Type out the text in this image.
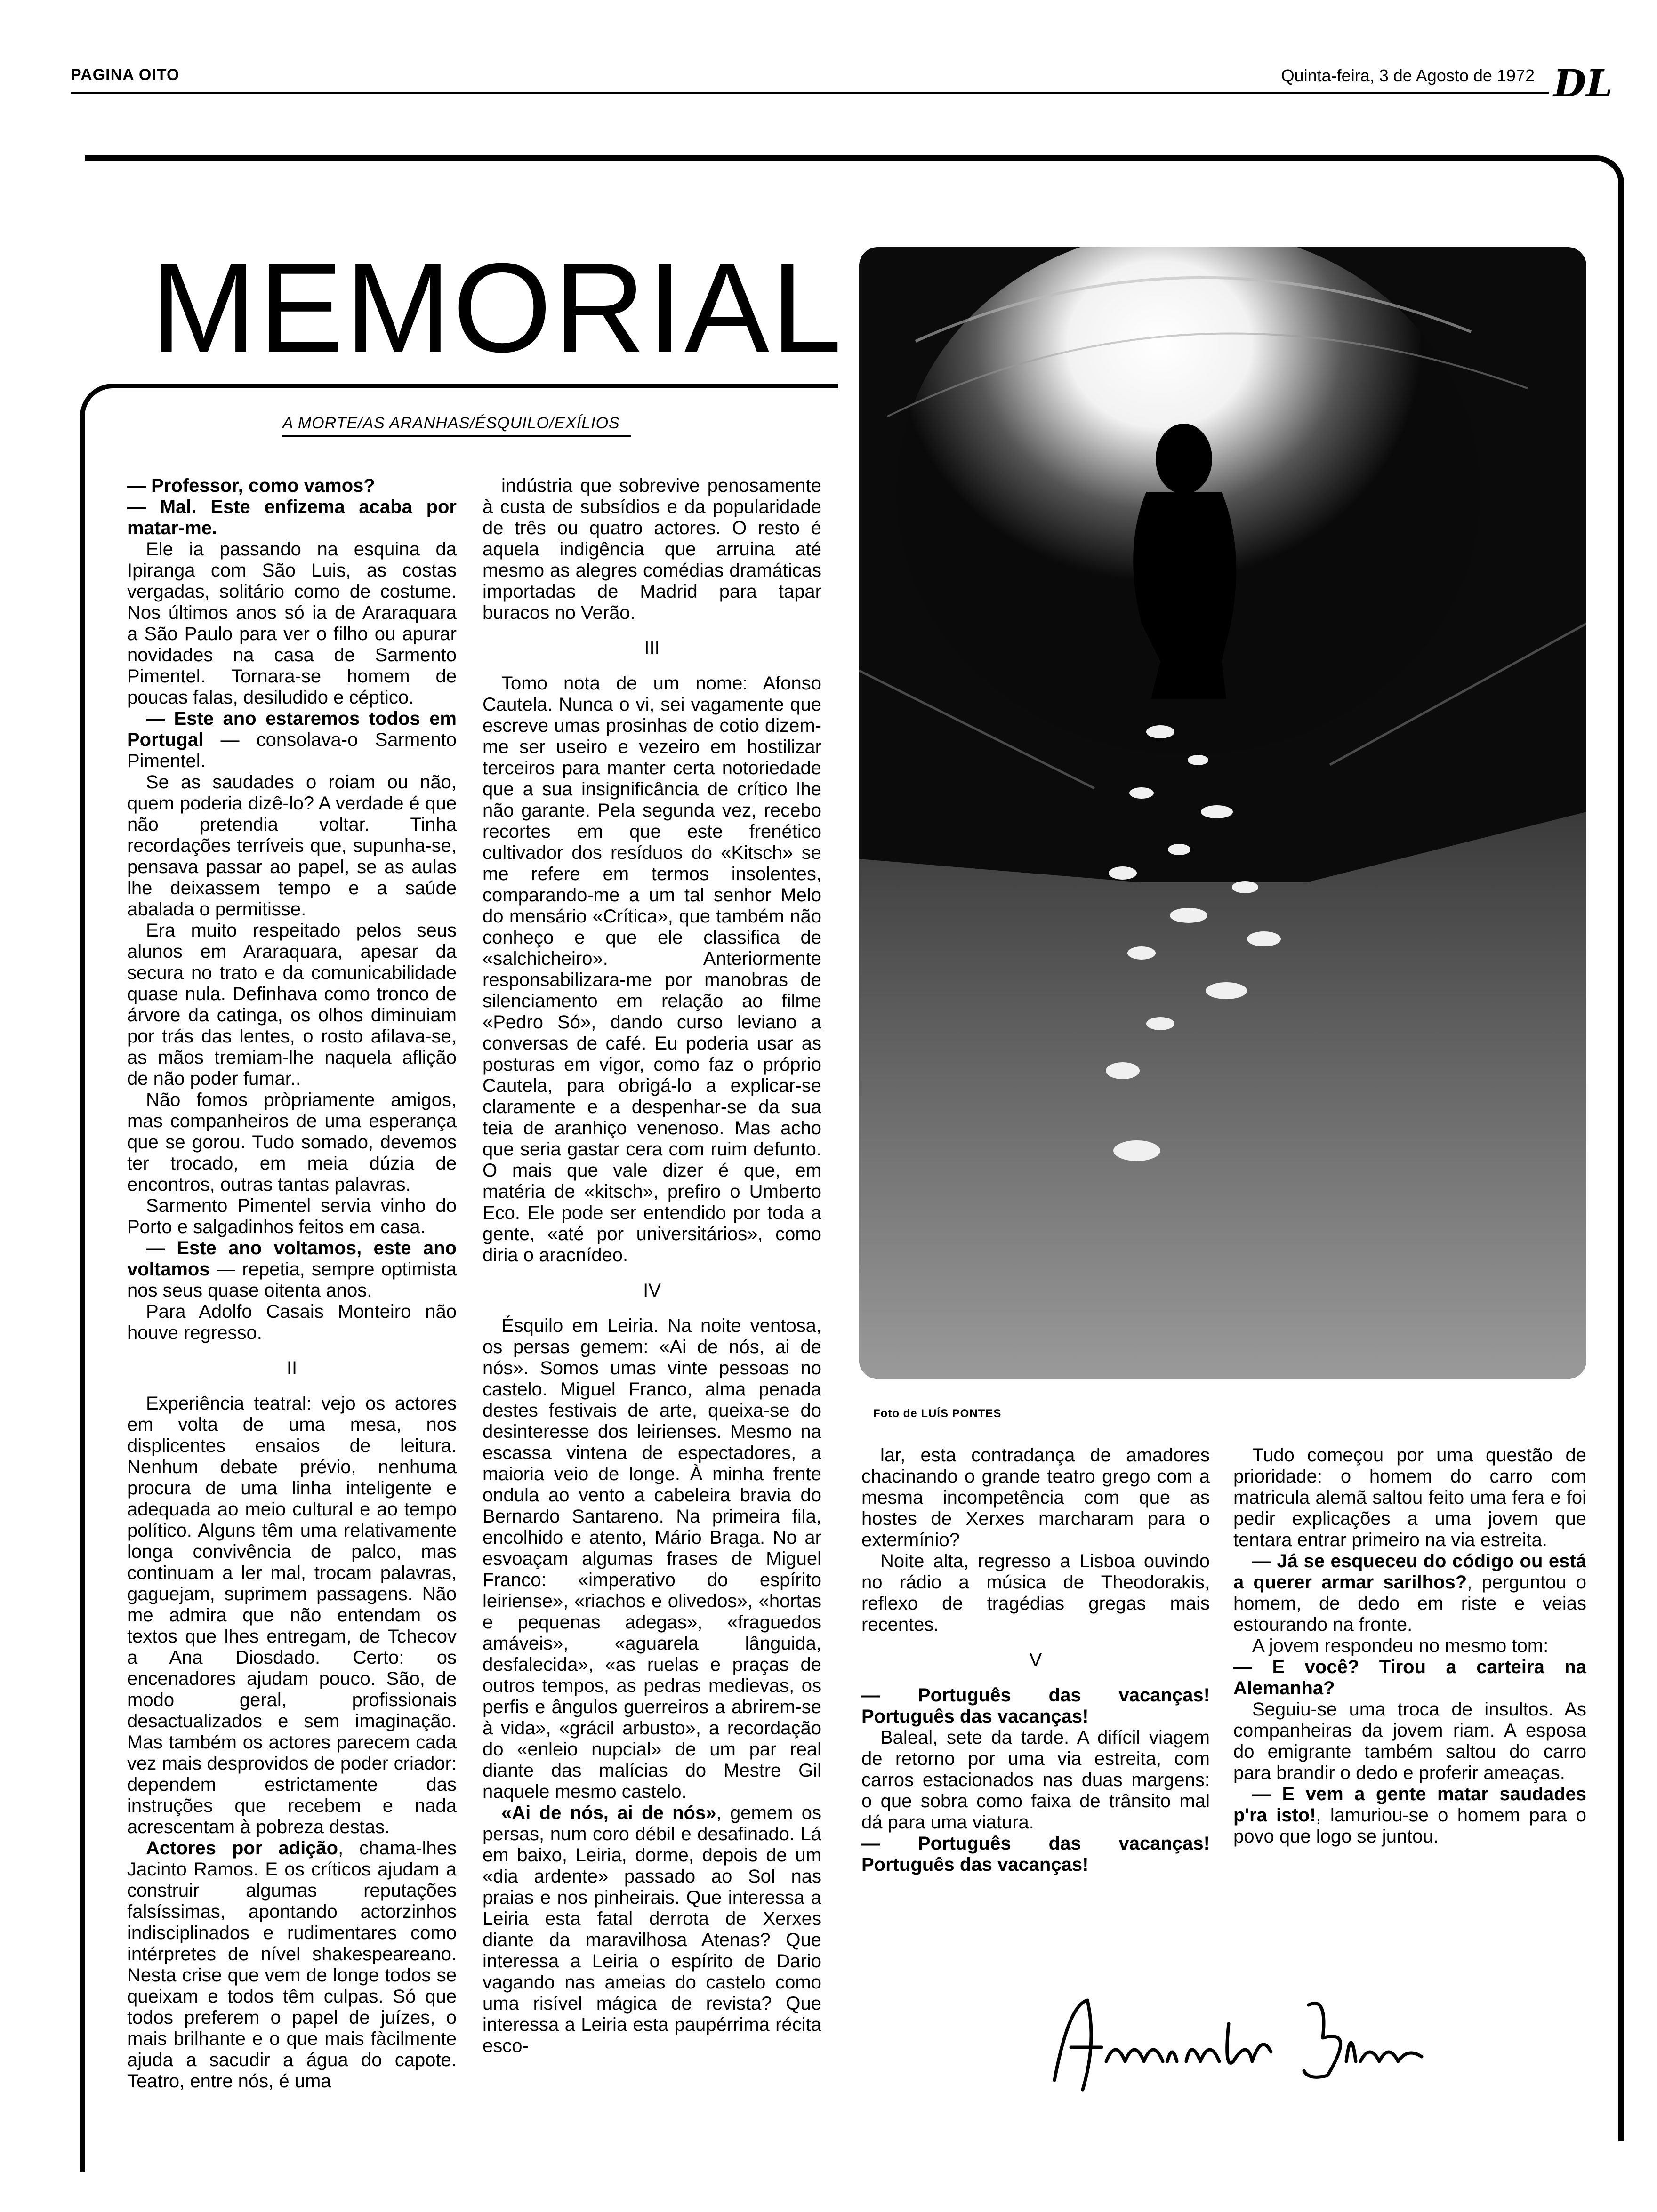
PAGINA OITO	Quinta-feira, 3 de Agosto de 1972 DL
MEMORIAL
A MORTE/AS ARANHAS/ÉSQUILO/EXÍLIOS

— Professor, como vamos?

— Mal. Este enfizema acaba por matar-me.

Ele ia passando na esquina da Ipiranga com São Luis, as costas vergadas, solitário como de costume. Nos últimos anos só ia de Araraquara a São Paulo para ver o filho ou apurar novidades na casa de Sarmento Pimentel. Tornara-se homem de poucas falas, desiludido e céptico.

— Este ano estaremos todos em Portugal — consolava-o Sarmento Pimentel.

Se as saudades o roiam ou não, quem poderia dizê-lo? A verdade é que não pretendia voltar. Tinha recordações terríveis que, supunha-se, pensava passar ao papel, se as aulas lhe deixassem tempo e a saúde abalada o permitisse.

Era muito respeitado pelos seus alunos em Araraquara, apesar da secura no trato e da comunicabilidade quase nula. Definhava como tronco de árvore da catinga, os olhos diminuiam por trás das lentes, o rosto afilava-se, as mãos tremiam-lhe naquela aflição de não poder fumar..

Não fomos pròpriamente amigos, mas companheiros de uma esperança que se gorou. Tudo somado, devemos ter trocado, em meia dúzia de encontros, outras tantas palavras.

Sarmento Pimentel servia vinho do Porto e salgadinhos feitos em casa.

— Este ano voltamos, este ano voltamos — repetia, sempre optimista nos seus quase oitenta anos.

Para Adolfo Casais Monteiro não houve regresso.

II

Experiência teatral: vejo os actores em volta de uma mesa, nos displicentes ensaios de leitura. Nenhum debate prévio, nenhuma procura de uma linha inteligente e adequada ao meio cultural e ao tempo político. Alguns têm uma relativamente longa convivência de palco, mas continuam a ler mal, trocam palavras, gaguejam, suprimem passagens. Não me admira que não entendam os textos que lhes entregam, de Tchecov a Ana Diosdado. Certo: os encenadores ajudam pouco. São, de modo geral, profissionais desactualizados e sem imaginação. Mas também os actores parecem cada vez mais desprovidos de poder criador: dependem estrictamente das instruções que recebem e nada acrescentam à pobreza destas.

Actores por adição, chama-lhes Jacinto Ramos. E os críticos ajudam a construir algumas reputações falsíssimas, apontando actorzinhos indisciplinados e rudimentares como intérpretes de nível shakespeareano. Nesta crise que vem de longe todos se queixam e todos têm culpas. Só que todos preferem o papel de juízes, o mais brilhante e o que mais fàcilmente ajuda a sacudir a água do capote. Teatro, entre nós, é uma

indústria que sobrevive penosamente à custa de subsídios e da popularidade de três ou quatro actores. O resto é aquela indigência que arruina até mesmo as alegres comédias dramáticas importadas de Madrid para tapar buracos no Verão.

III

Tomo nota de um nome: Afonso Cautela. Nunca o vi, sei vagamente que escreve umas prosinhas de cotio dizem-me ser useiro e vezeiro em hostilizar terceiros para manter certa notoriedade que a sua insignificância de crítico lhe não garante. Pela segunda vez, recebo recortes em que este frenético cultivador dos resíduos do «Kitsch» se me refere em termos insolentes, comparando-me a um tal senhor Melo do mensário «Crítica», que também não conheço e que ele classifica de «salchicheiro». Anteriormente responsabilizara-me por manobras de silenciamento em relação ao filme «Pedro Só», dando curso leviano a conversas de café. Eu poderia usar as posturas em vigor, como faz o próprio Cautela, para obrigá-lo a explicar-se claramente e a despenhar-se da sua teia de aranhiço venenoso. Mas acho que seria gastar cera com ruim defunto. O mais que vale dizer é que, em matéria de «kitsch», prefiro o Umberto Eco. Ele pode ser entendido por toda a gente, «até por universitários», como diria o aracnídeo.

IV

Ésquilo em Leiria. Na noite ventosa, os persas gemem: «Ai de nós, ai de nós». Somos umas vinte pessoas no castelo. Miguel Franco, alma penada destes festivais de arte, queixa-se do desinteresse dos leirienses. Mesmo na escassa vintena de espectadores, a maioria veio de longe. À minha frente ondula ao vento a cabeleira bravia do Bernardo Santareno. Na primeira fila, encolhido e atento, Mário Braga. No ar esvoaçam algumas frases de Miguel Franco: «imperativo do espírito leiriense», «riachos e olivedos», «hortas e pequenas adegas», «fraguedos amáveis», «aguarela lânguida, desfalecida», «as ruelas e praças de outros tempos, as pedras medievas, os perfis e ângulos guerreiros a abrirem-se à vida», «grácil arbusto», a recordação do «enleio nupcial» de um par real diante das malícias do Mestre Gil naquele mesmo castelo.

«Ai de nós, ai de nós», gemem os persas, num coro débil e desafinado. Lá em baixo, Leiria, dorme, depois de um «dia ardente» passado ao Sol nas praias e nos pinheirais. Que interessa a Leiria esta fatal derrota de Xerxes diante da maravilhosa Atenas? Que interessa a Leiria o espírito de Dario vagando nas ameias do castelo como uma risível mágica de revista? Que interessa a Leiria esta paupérrima récita esco-

Foto de LUÍS PONTES

lar, esta contradança de amadores chacinando o grande teatro grego com a mesma incompetência com que as hostes de Xerxes marcharam para o extermínio?

Noite alta, regresso a Lisboa ouvindo no rádio a música de Theodorakis, reflexo de tragédias gregas mais recentes.

V

— Português das vacanças! Português das vacanças!

Baleal, sete da tarde. A difícil viagem de retorno por uma via estreita, com carros estacionados nas duas margens: o que sobra como faixa de trânsito mal dá para uma viatura.

— Português das vacanças! Português das vacanças!

Tudo começou por uma questão de prioridade: o homem do carro com matricula alemã saltou feito uma fera e foi pedir explicações a uma jovem que tentara entrar primeiro na via estreita.

— Já se esqueceu do código ou está a querer armar sarilhos?, perguntou o homem, de dedo em riste e veias estourando na fronte.

A jovem respondeu no mesmo tom:

— E você? Tirou a carteira na Alemanha?

Seguiu-se uma troca de insultos. As companheiras da jovem riam. A esposa do emigrante também saltou do carro para brandir o dedo e proferir ameaças.

— E vem a gente matar saudades p'ra isto!, lamuriou-se o homem para o povo que logo se juntou.
